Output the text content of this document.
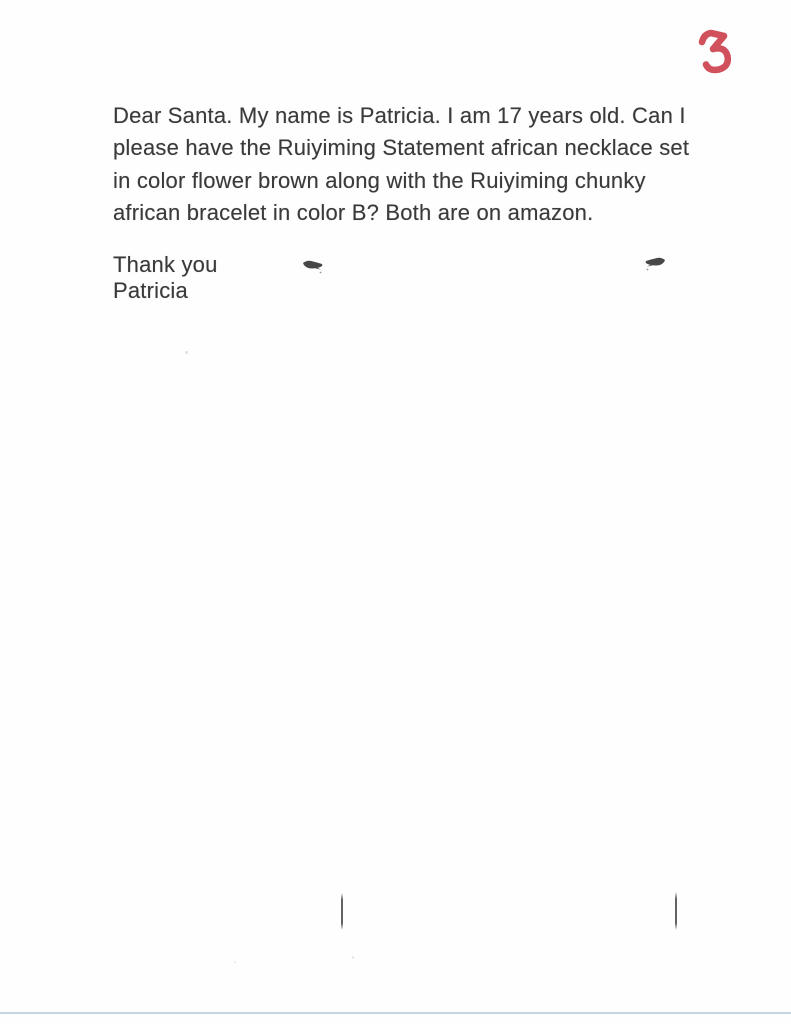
Dear Santa. My name is Patricia. I am 17 years old. Can I
please have the Ruiyiming Statement african necklace set
in color flower brown along with the Ruiyiming chunky
african bracelet in color B? Both are on amazon.
Thank you
Patricia
